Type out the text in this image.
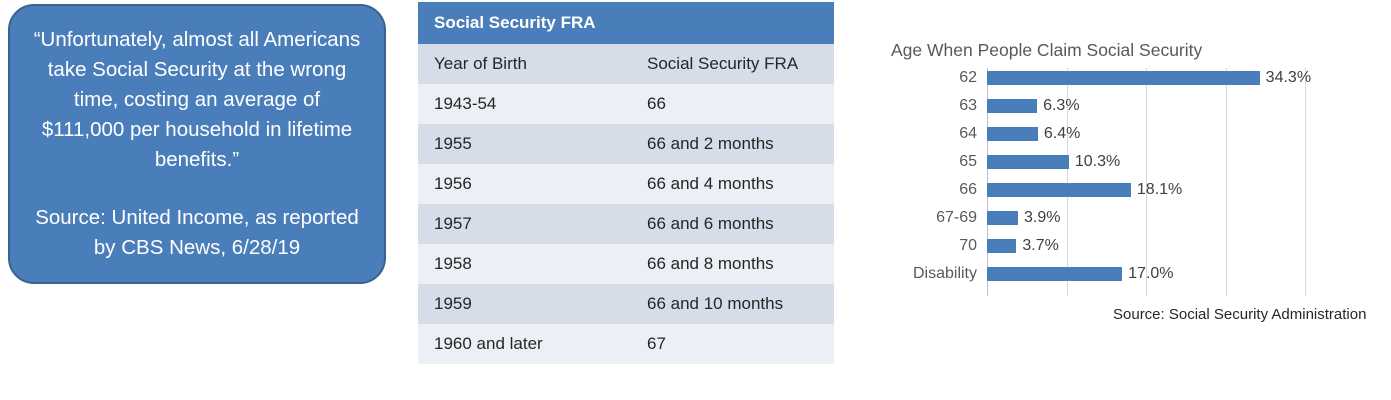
“Unfortunately, almost all Americans take Social Security at the wrong time, costing an average of $111,000 per household in lifetime benefits.”
Source: United Income, as reported by CBS News, 6/28/19
Social Security FRA	
Year of Birth	Social Security FRA
1943-54	66
1955	66 and 2 months
1956	66 and 4 months
1957	66 and 6 months
1958	66 and 8 months
1959	66 and 10 months
1960 and later	67
Age When People Claim Social Security
62	34.3%
63	6.3%
64	6.4%
65	10.3%
66	18.1%
67-69	3.9%
70	3.7%
Disability	17.0%
Source: Social Security Administration
